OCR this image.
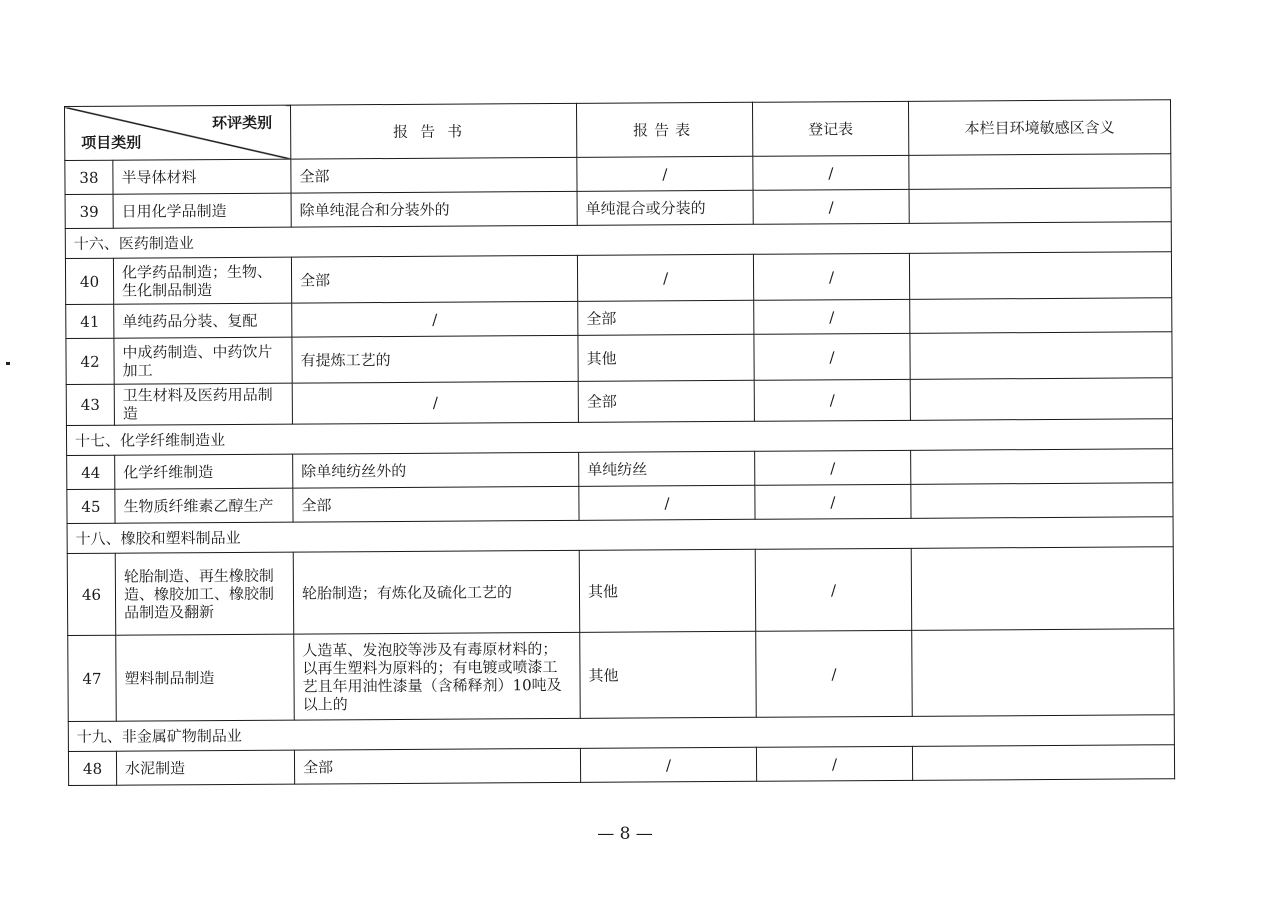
环评类别
项目类别		报告书	报告表	登记表	本栏目环境敏感区含义
38	半导体材料	全部	/	/	
39	日用化学品制造	除单纯混合和分装外的	单纯混合或分装的	/	
十六、医药制造业					
40	化学药品制造；生物、生化制品制造	全部	/	/	
41	单纯药品分装、复配	/	全部	/	
42	中成药制造、中药饮片加工	有提炼工艺的	其他	/	
43	卫生材料及医药用品制造	/	全部	/	
十七、化学纤维制造业					
44	化学纤维制造	除单纯纺丝外的	单纯纺丝	/	
45	生物质纤维素乙醇生产	全部	/	/	
十八、橡胶和塑料制品业					
46	轮胎制造、再生橡胶制造、橡胶加工、橡胶制品制造及翻新	轮胎制造；有炼化及硫化工艺的	其他	/	
47	塑料制品制造	人造革、发泡胶等涉及有毒原材料的；以再生塑料为原料的；有电镀或喷漆工艺且年用油性漆量（含稀释剂）10吨及以上的	其他	/	
十九、非金属矿物制品业					
48	水泥制造	全部	/	/	
— 8 —
